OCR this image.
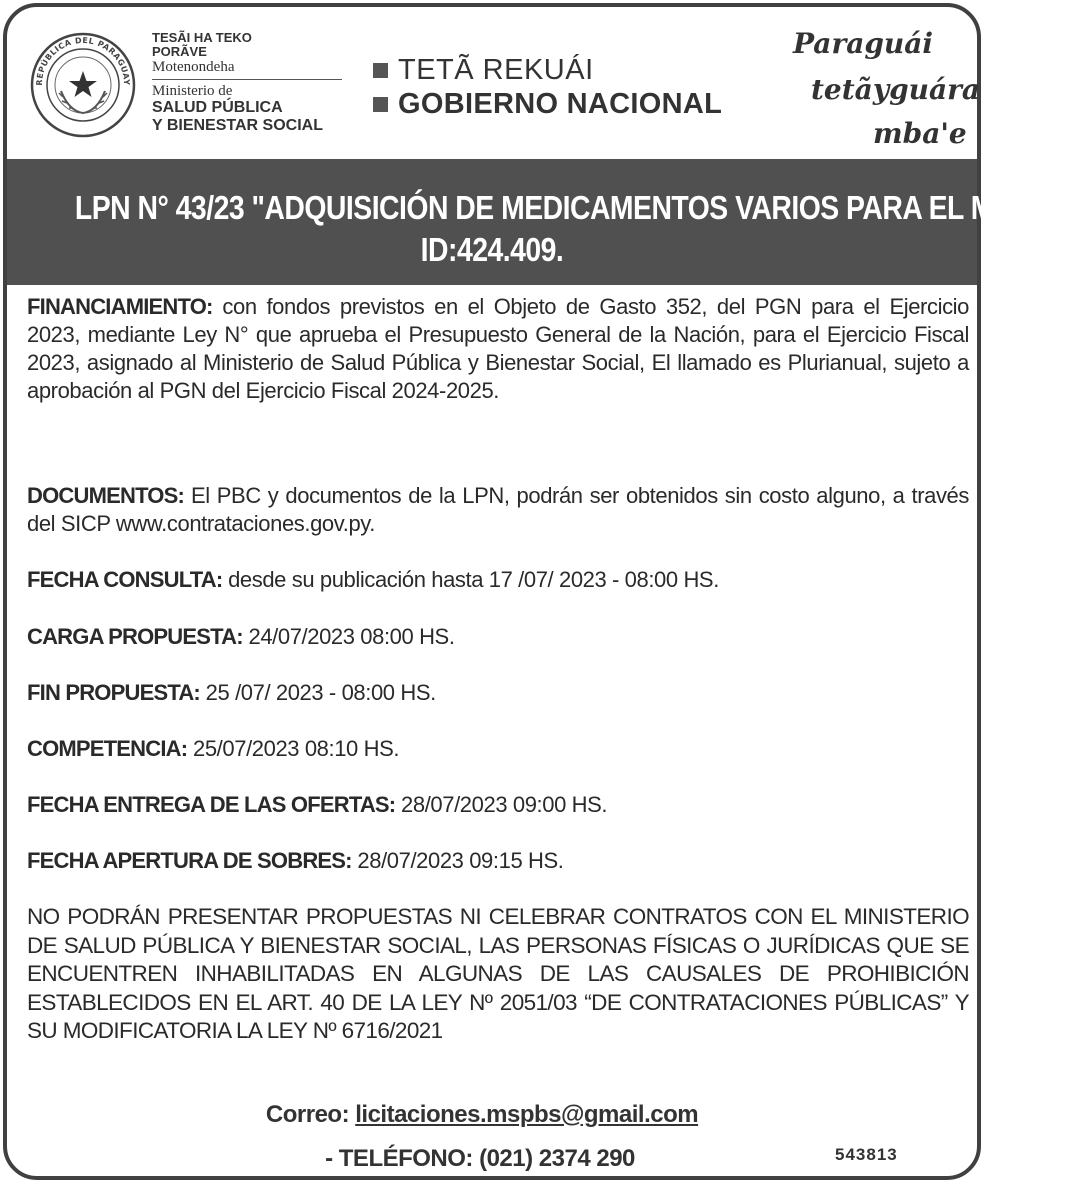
REPÚBLICA DEL PARAGUAY
TESÃI HA TEKO
PORÃVE
Motenondeha
Ministerio de
SALUD PÚBLICA
Y BIENESTAR SOCIAL
TETÃ REKUÁI
GOBIERNO NACIONAL
Paraguái
tetãyguára
mba'e
LPN N° 43/23 "ADQUISICIÓN DE MEDICAMENTOS VARIOS PARA EL MSPBS”
ID:424.409.
FINANCIAMIENTO: con fondos previstos en el Objeto de Gasto 352, del PGN para el Ejercicio 2023, mediante Ley N° que aprueba el Presupuesto General de la Nación, para el Ejercicio Fiscal 2023, asignado al Ministerio de Salud Pública y Bienestar Social, El llamado es Plurianual, sujeto a aprobación al PGN del Ejercicio Fiscal 2024-2025.
DOCUMENTOS: El PBC y documentos de la LPN, podrán ser obtenidos sin costo alguno, a través del SICP www.contrataciones.gov.py.
FECHA CONSULTA: desde su publicación hasta 17 /07/ 2023 - 08:00 HS.
CARGA PROPUESTA: 24/07/2023 08:00 HS.
FIN PROPUESTA: 25 /07/ 2023 - 08:00 HS.
COMPETENCIA: 25/07/2023 08:10 HS.
FECHA ENTREGA DE LAS OFERTAS: 28/07/2023 09:00 HS.
FECHA APERTURA DE SOBRES: 28/07/2023 09:15 HS.
NO PODRÁN PRESENTAR PROPUESTAS NI CELEBRAR CONTRATOS CON EL MINISTERIO DE SALUD PÚBLICA Y BIENESTAR SOCIAL, LAS PERSONAS FÍSICAS O JURÍDICAS QUE SE ENCUENTREN INHABILITADAS EN ALGUNAS DE LAS CAUSALES DE PROHIBICIÓN ESTABLECIDOS EN EL ART. 40 DE LA LEY Nº 2051/03 “DE CONTRATACIONES PÚBLICAS” Y SU MODIFICATORIA LA LEY Nº 6716/2021
Correo: licitaciones.mspbs@gmail.com
- TELÉFONO: (021) 2374 290	543813
